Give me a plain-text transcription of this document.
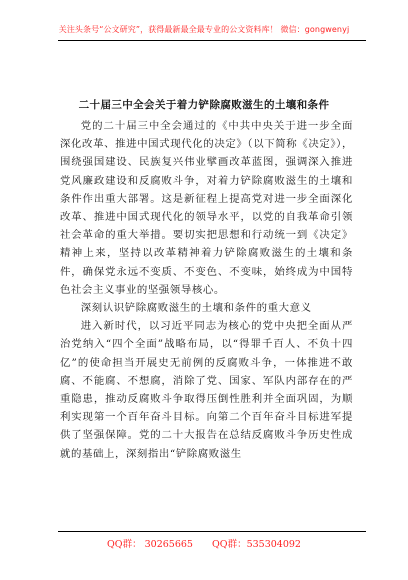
关注头条号“公文研究”，获得最新最全最专业的公文资料库！ 微信：gongwenyj
二十届三中全会关于着力铲除腐败滋生的土壤和条件

党的二十届三中全会通过的《中共中央关于进一步全面深化改革、推进中国式现代化的决定》（以下简称《决定》），围绕强国建设、民族复兴伟业擘画改革蓝图，强调深入推进党风廉政建设和反腐败斗争，对着力铲除腐败滋生的土壤和条件作出重大部署。这是新征程上提高党对进一步全面深化改革、推进中国式现代化的领导水平，以党的自我革命引领社会革命的重大举措。要切实把思想和行动统一到《决定》精神上来，坚持以改革精神着力铲除腐败滋生的土壤和条件，确保党永远不变质、不变色、不变味，始终成为中国特色社会主义事业的坚强领导核心。

深刻认识铲除腐败滋生的土壤和条件的重大意义

进入新时代，以习近平同志为核心的党中央把全面从严治党纳入“四个全面”战略布局，以“得罪千百人、不负十四亿”的使命担当开展史无前例的反腐败斗争，一体推进不敢腐、不能腐、不想腐，消除了党、国家、军队内部存在的严重隐患，推动反腐败斗争取得压倒性胜利并全面巩固，为顺利实现第一个百年奋斗目标。向第二个百年奋斗目标进军提供了坚强保障。党的二十大报告在总结反腐败斗争历史性成就的基础上，深刻指出“铲除腐败滋生

QQ群： 30265665 QQ群：535304092
